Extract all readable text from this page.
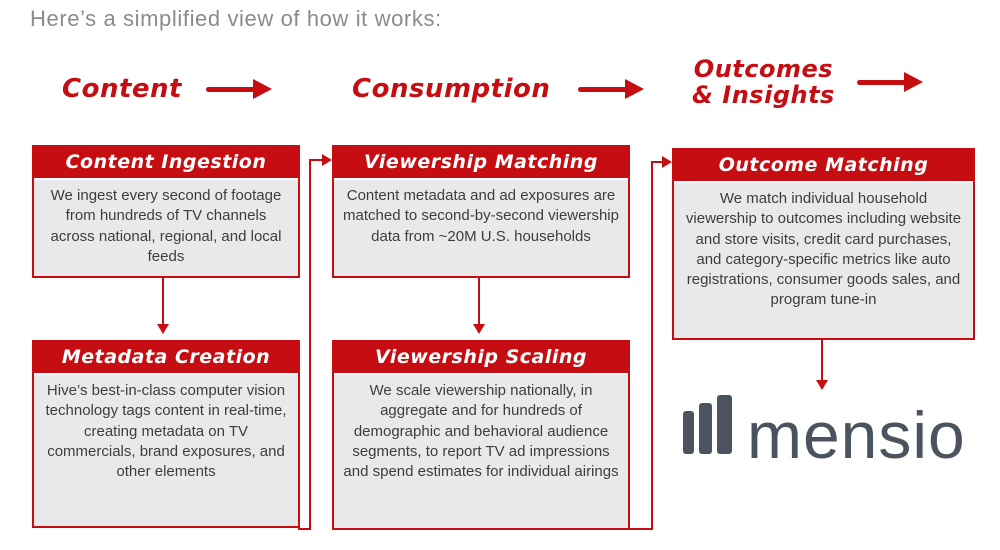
Here’s a simplified view of how it works:
Content	Consumption
Outcomes
& Insights
Content Ingestion
We ingest every second of footage from hundreds of TV channels across national, regional, and local feeds
Metadata Creation
Hive’s best-in-class computer vision technology tags content in real-time, creating metadata on TV commercials, brand exposures, and other elements
Viewership Matching
Content metadata and ad exposures are matched to second-by-second viewership data from ~20M U.S. households
Viewership Scaling
We scale viewership nationally, in aggregate and for hundreds of demographic and behavioral audience segments, to report TV ad impressions and spend estimates for individual airings
Outcome Matching
We match individual household viewership to outcomes including website and store visits, credit card purchases, and category-specific metrics like auto registrations, consumer goods sales, and program tune-in
mensio
